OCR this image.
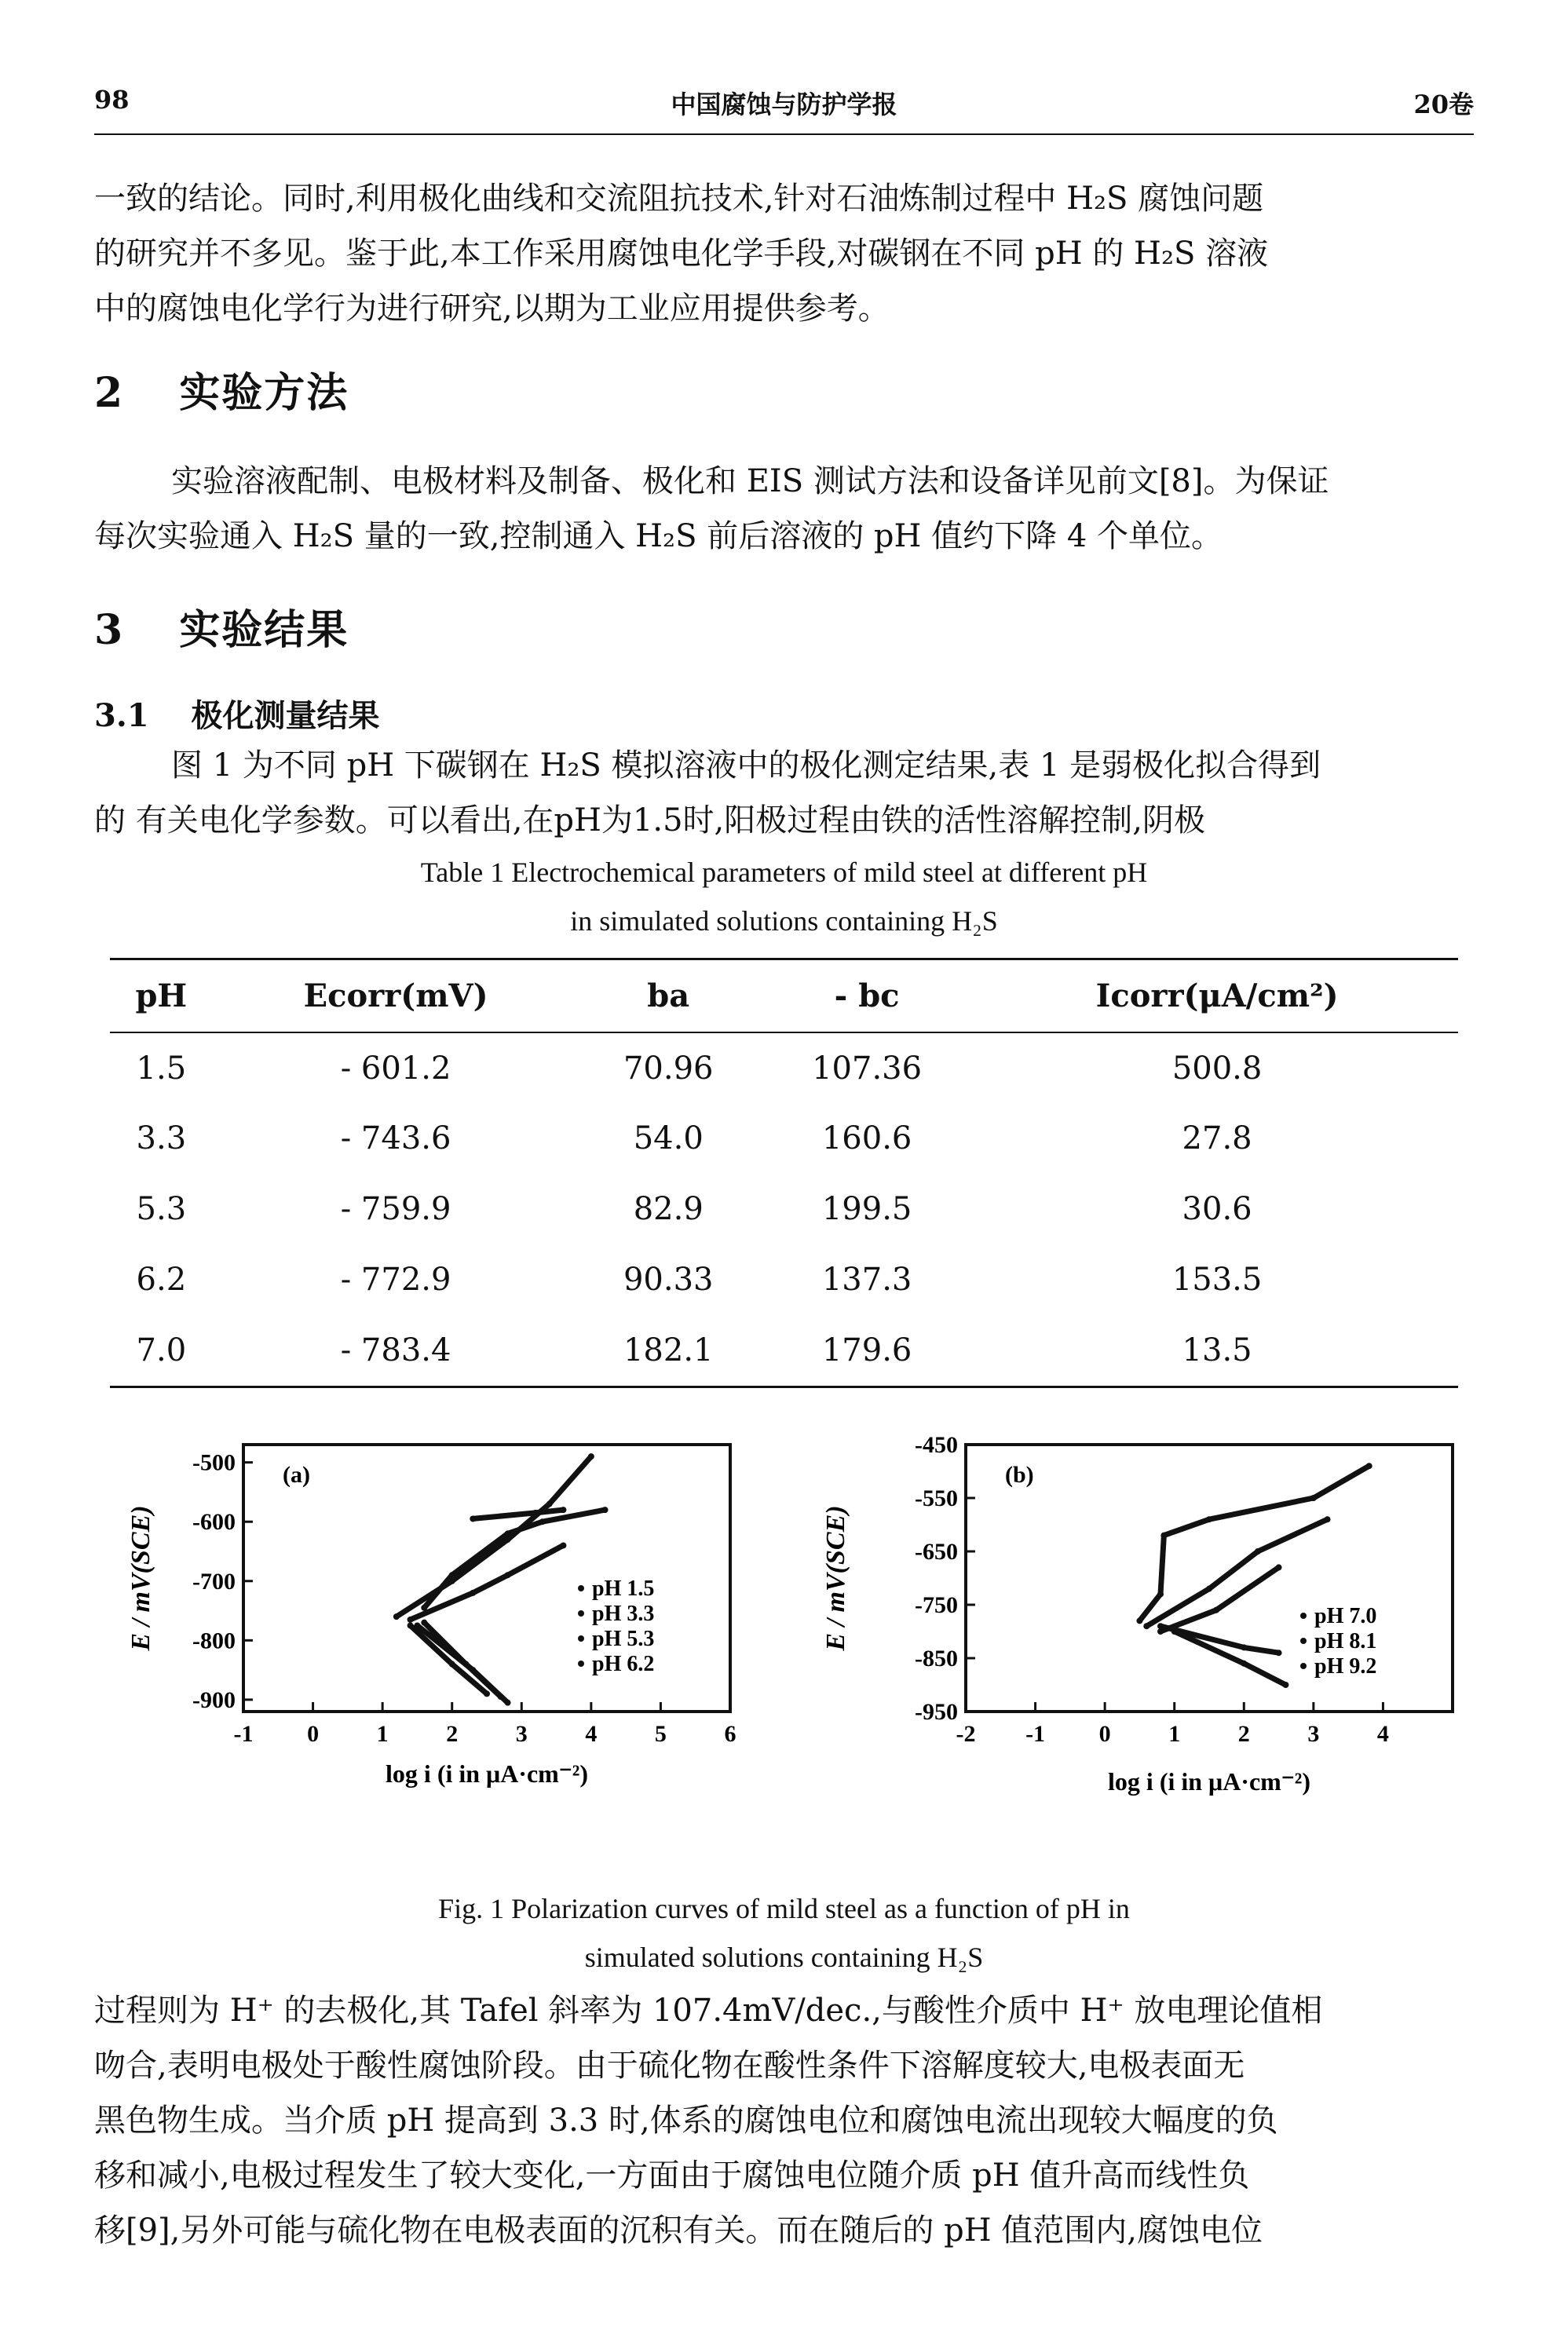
98	中国腐蚀与防护学报	20卷
一致的结论。同时,利用极化曲线和交流阻抗技术,针对石油炼制过程中 H₂S 腐蚀问题
的研究并不多见。鉴于此,本工作采用腐蚀电化学手段,对碳钢在不同 pH 的 H₂S 溶液
中的腐蚀电化学行为进行研究,以期为工业应用提供参考。
2 实验方法
实验溶液配制、电极材料及制备、极化和 EIS 测试方法和设备详见前文[8]。为保证
每次实验通入 H₂S 量的一致,控制通入 H₂S 前后溶液的 pH 值约下降 4 个单位。
3 实验结果
3.1 极化测量结果
图 1 为不同 pH 下碳钢在 H₂S 模拟溶液中的极化测定结果,表 1 是弱极化拟合得到
的 有关电化学参数。可以看出,在pH为1.5时,阳极过程由铁的活性溶解控制,阴极
Table 1 Electrochemical parameters of mild steel at different pH
in simulated solutions containing H₂S
pH	Ecorr(mV)	ba	- bc	Icorr(μA/cm²)
1.5	- 601.2	70.96	107.36	500.8
3.3	- 743.6	54.0	160.6	27.8
5.3	- 759.9	82.9	199.5	30.6
6.2	- 772.9	90.33	137.3	153.5
7.0	- 783.4	182.1	179.6	13.5
(a)
E / mV(SCE)
log i (i in μA·cm⁻²)
-1 0 1 2 3 4 5 6
-500
-600
-700
-800
-900
pH 1.5
pH 3.3
pH 5.3
pH 6.2
(b)
E / mV(SCE)
log i (i in μA·cm⁻²)
-2 -1 0 1 2 3 4
-450
-550
-650
-750
-850
-950
pH 7.0
pH 8.1
pH 9.2
Fig. 1 Polarization curves of mild steel as a function of pH in
simulated solutions containing H₂S
过程则为 H⁺ 的去极化,其 Tafel 斜率为 107.4mV/dec.,与酸性介质中 H⁺ 放电理论值相
吻合,表明电极处于酸性腐蚀阶段。由于硫化物在酸性条件下溶解度较大,电极表面无
黑色物生成。当介质 pH 提高到 3.3 时,体系的腐蚀电位和腐蚀电流出现较大幅度的负
移和减小,电极过程发生了较大变化,一方面由于腐蚀电位随介质 pH 值升高而线性负
移[9],另外可能与硫化物在电极表面的沉积有关。而在随后的 pH 值范围内,腐蚀电位
